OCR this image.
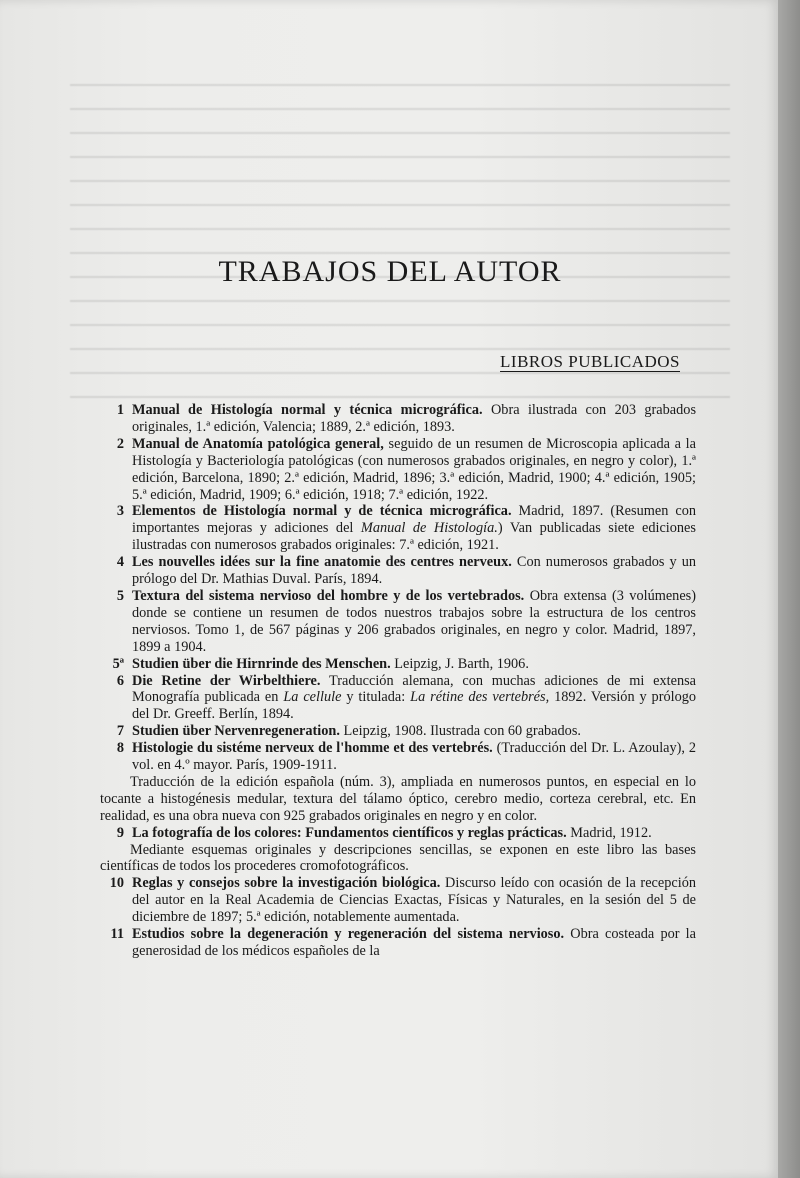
TRABAJOS DEL AUTOR
LIBROS PUBLICADOS
1 Manual de Histología normal y técnica micrográfica. Obra ilustrada con 203 grabados originales, 1.ª edición, Valencia; 1889, 2.ª edición, 1893.
2 Manual de Anatomía patológica general, seguido de un resumen de Microscopia aplicada a la Histología y Bacteriología patológicas (con numerosos grabados originales, en negro y color), 1.ª edición, Barcelona, 1890; 2.ª edición, Madrid, 1896; 3.ª edición, Madrid, 1900; 4.ª edición, 1905; 5.ª edición, Madrid, 1909; 6.ª edición, 1918; 7.ª edición, 1922.
3 Elementos de Histología normal y de técnica micrográfica. Madrid, 1897. (Resumen con importantes mejoras y adiciones del Manual de Histología.) Van publicadas siete ediciones ilustradas con numerosos grabados originales: 7.ª edición, 1921.
4 Les nouvelles idées sur la fine anatomie des centres nerveux. Con numerosos grabados y un prólogo del Dr. Mathias Duval. París, 1894.
5 Textura del sistema nervioso del hombre y de los vertebrados. Obra extensa (3 volúmenes) donde se contiene un resumen de todos nuestros trabajos sobre la estructura de los centros nerviosos. Tomo 1, de 567 páginas y 206 grabados originales, en negro y color. Madrid, 1897, 1899 a 1904.
5ª Studien über die Hirnrinde des Menschen. Leipzig, J. Barth, 1906.
6 Die Retine der Wirbelthiere. Traducción alemana, con muchas adiciones de mi extensa Monografía publicada en La cellule y titulada: La rétine des vertebrés, 1892. Versión y prólogo del Dr. Greeff. Berlín, 1894.
7 Studien über Nervenregeneration. Leipzig, 1908. Ilustrada con 60 grabados.
8 Histologie du sistéme nerveux de l'homme et des vertebrés. (Traducción del Dr. L. Azoulay), 2 vol. en 4.º mayor. París, 1909-1911.
Traducción de la edición española (núm. 3), ampliada en numerosos puntos, en especial en lo tocante a histogénesis medular, textura del tálamo óptico, cerebro medio, corteza cerebral, etc. En realidad, es una obra nueva con 925 grabados originales en negro y en color.
9 La fotografía de los colores: Fundamentos científicos y reglas prácticas. Madrid, 1912.
Mediante esquemas originales y descripciones sencillas, se exponen en este libro las bases científicas de todos los procederes cromofotográficos.
10 Reglas y consejos sobre la investigación biológica. Discurso leído con ocasión de la recepción del autor en la Real Academia de Ciencias Exactas, Físicas y Naturales, en la sesión del 5 de diciembre de 1897; 5.ª edición, notablemente aumentada.
11 Estudios sobre la degeneración y regeneración del sistema nervioso. Obra costeada por la generosidad de los médicos españoles de la
